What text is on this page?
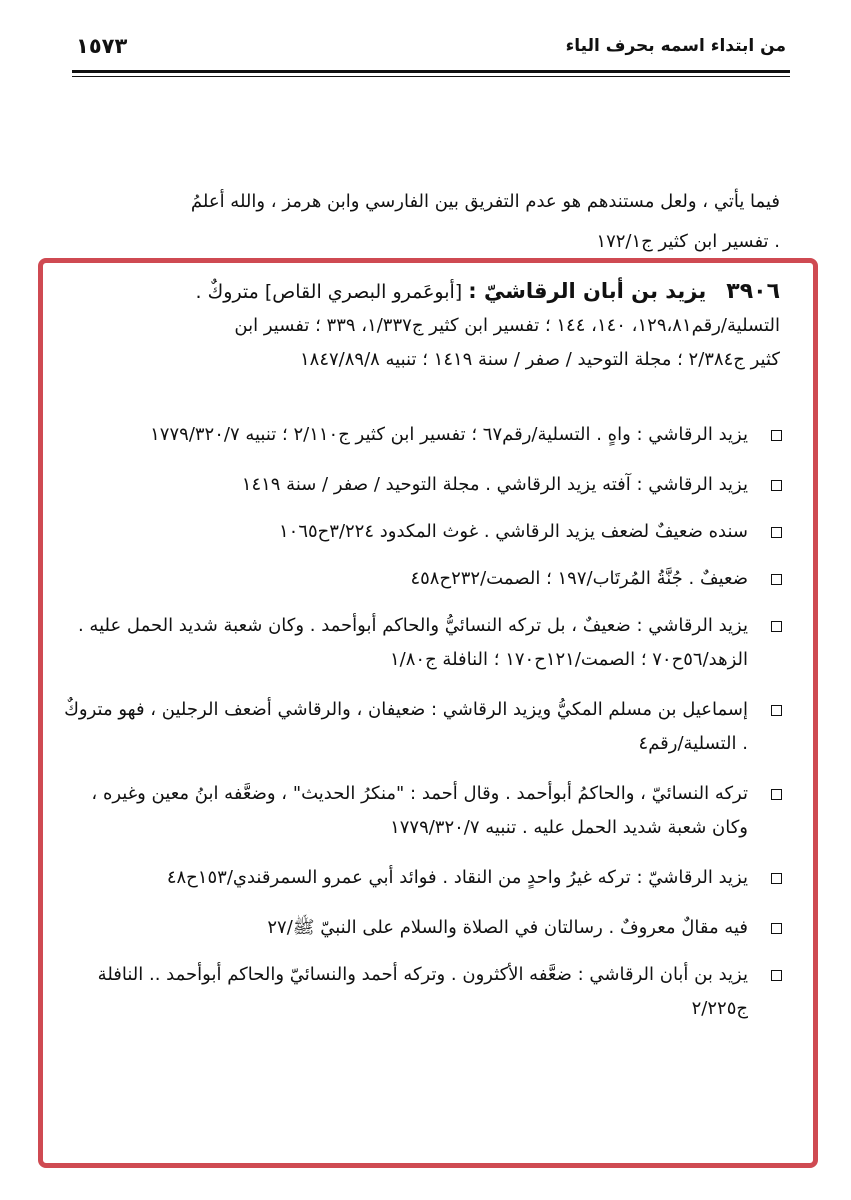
من ابتداء اسمه بحرف الياء
١٥٧٣

فيما يأتي ، ولعل مستندهم هو عدم التفريق بين الفارسي وابن هرمز ، والله أعلمُ

. تفسير ابن كثير ج١٧٢/١

٣٩٠٦ يزيد بن أبان الرقاشيّ : [أبوعَمرو البصري القاص] متروكٌ .

التسلية/رقم١٢٩،٨١، ١٤٠، ١٤٤ ؛ تفسير ابن كثير ج١/٣٣٧، ٣٣٩ ؛ تفسير ابن

كثير ج٢/٣٨٤ ؛ مجلة التوحيد / صفر / سنة ١٤١٩ ؛ تنبيه ١٨٤٧/٨٩/٨

يزيد الرقاشي : واهٍ . التسلية/رقم٦٧ ؛ تفسير ابن كثير ج٢/١١٠ ؛ تنبيه ١٧٧٩/٣٢٠/٧
يزيد الرقاشي : آفته يزيد الرقاشي . مجلة التوحيد / صفر / سنة ١٤١٩
سنده ضعيفٌ لضعف يزيد الرقاشي . غوث المكدود ٣/٢٢٤ح١٠٦٥
ضعيفٌ . جُنَّةُ المُرتَاب/١٩٧ ؛ الصمت/٢٣٢ح٤٥٨
يزيد الرقاشي : ضعيفٌ ، بل تركه النسائيُّ والحاكم أبوأحمد . وكان شعبة شديد الحمل عليه . الزهد/٥٦ح٧٠ ؛ الصمت/١٢١ح١٧٠ ؛ النافلة ج١/٨٠
إسماعيل بن مسلم المكيُّ ويزيد الرقاشي : ضعيفان ، والرقاشي أضعف الرجلين ، فهو متروكٌ . التسلية/رقم٤
تركه النسائيّ ، والحاكمُ أبوأحمد . وقال أحمد : "منكرُ الحديث" ، وضعَّفه ابنُ معين وغيره ، وكان شعبة شديد الحمل عليه . تنبيه ١٧٧٩/٣٢٠/٧
يزيد الرقاشيّ : تركه غيرُ واحدٍ من النقاد . فوائد أبي عمرو السمرقندي/١٥٣ح٤٨
فيه مقالٌ معروفٌ . رسالتان في الصلاة والسلام على النبيّ ﷺ/٢٧
يزيد بن أبان الرقاشي : ضعَّفه الأكثرون . وتركه أحمد والنسائيّ والحاكم أبوأحمد .. النافلة ج٢/٢٢٥
